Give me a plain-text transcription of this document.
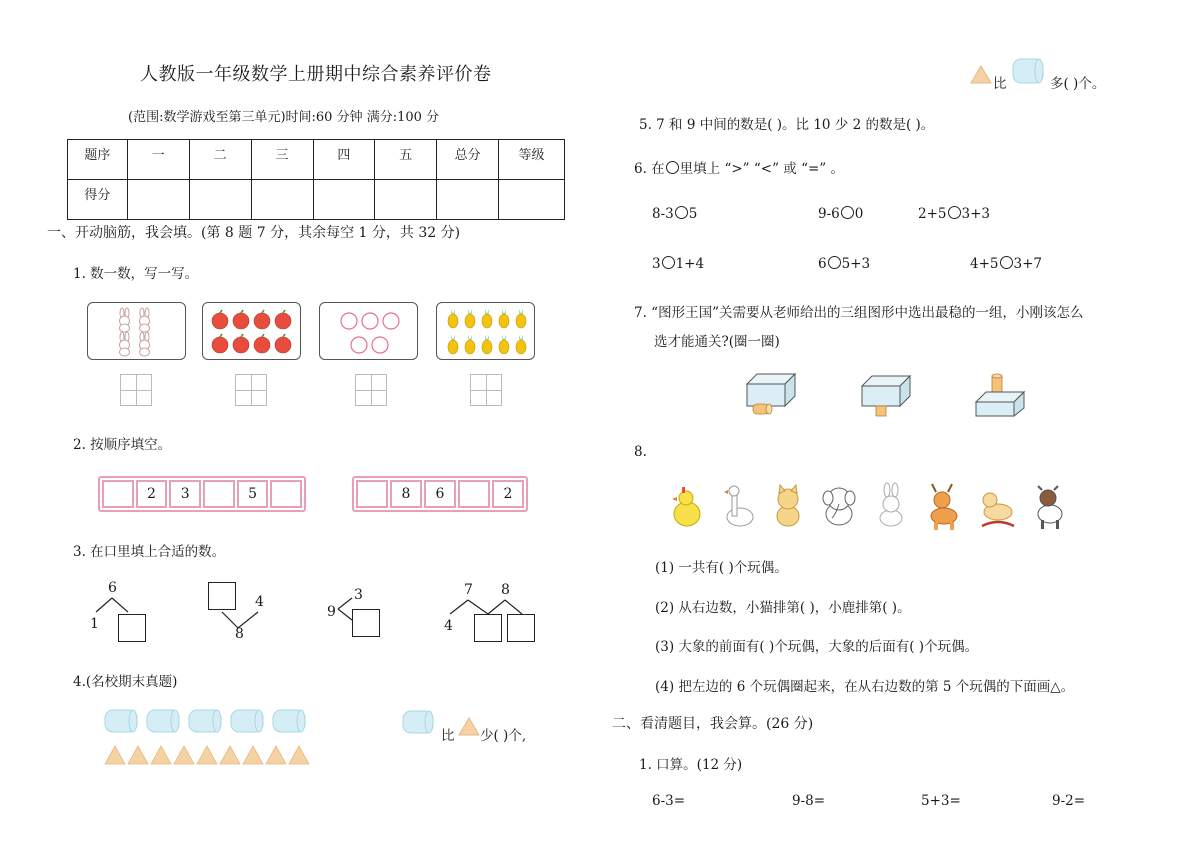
人教版一年级数学上册期中综合素养评价卷
(范围:数学游戏至第三单元)时间:60 分钟 满分:100 分
题序	一	二	三	四	五	总分	等级
得分							
一、开动脑筋，我会填。(第 8 题 7 分，其余每空 1 分，共 32 分)
1. 数一数，写一写。
2. 按顺序填空。
2	3	5	8	6	2
3. 在口里填上合适的数。
6
1
4
8
3
9
7 8
4
4.(名校期末真题)
比 少( )个,
比	多( )个。
5. 7 和 9 中间的数是( )。比 10 少 2 的数是( )。
6. 在 里填上 “>” “<” 或 “=” 。
8-3 5	9-6 0	2+5 3+3
3 1+4	6 5+3	4+5 3+7
7. “图形王国”关需要从老师给出的三组图形中选出最稳的一组，小刚该怎么
选才能通关?(圈一圈)
8.
(1) 一共有( )个玩偶。
(2) 从右边数，小猫排第( )，小鹿排第( )。
(3) 大象的前面有( )个玩偶，大象的后面有( )个玩偶。
(4) 把左边的 6 个玩偶圈起来，在从右边数的第 5 个玩偶的下面画△。
二、看清题目，我会算。(26 分)
1. 口算。(12 分)
6-3=	9-8=	5+3=	9-2=
